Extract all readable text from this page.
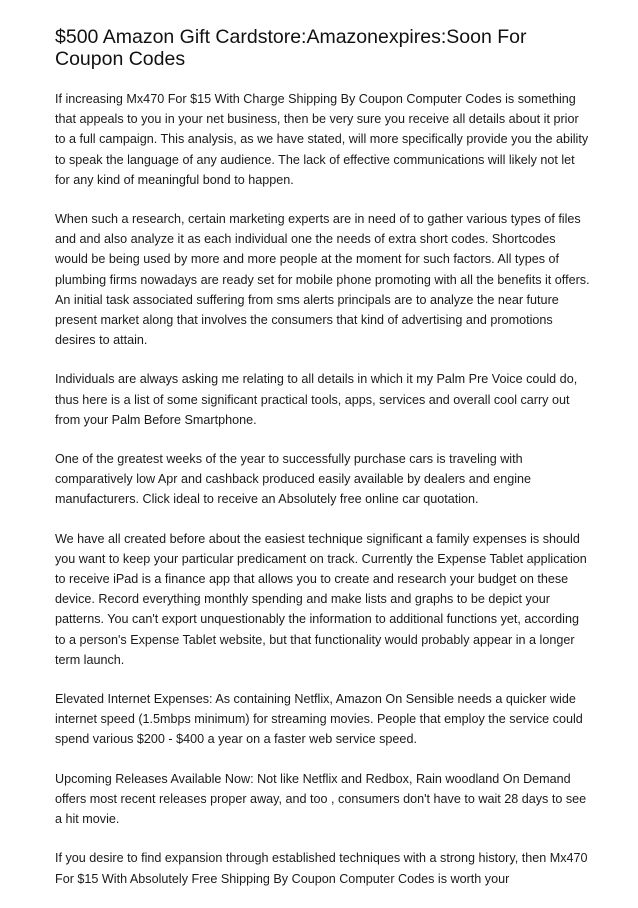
$500 Amazon Gift Cardstore:Amazonexpires:Soon For Coupon Codes

If increasing Mx470 For $15 With Charge Shipping By Coupon Computer Codes is something that appeals to you in your net business, then be very sure you receive all details about it prior to a full campaign. This analysis, as we have stated, will more specifically provide you the ability to speak the language of any audience. The lack of effective communications will likely not let for any kind of meaningful bond to happen.

When such a research, certain marketing experts are in need of to gather various types of files and and also analyze it as each individual one the needs of extra short codes. Shortcodes would be being used by more and more people at the moment for such factors. All types of plumbing firms nowadays are ready set for mobile phone promoting with all the benefits it offers. An initial task associated suffering from sms alerts principals are to analyze the near future present market along that involves the consumers that kind of advertising and promotions desires to attain.

Individuals are always asking me relating to all details in which it my Palm Pre Voice could do, thus here is a list of some significant practical tools, apps, services and overall cool carry out from your Palm Before Smartphone.

One of the greatest weeks of the year to successfully purchase cars is traveling with comparatively low Apr and cashback produced easily available by dealers and engine manufacturers. Click ideal to receive an Absolutely free online car quotation.

We have all created before about the easiest technique significant a family expenses is should you want to keep your particular predicament on track. Currently the Expense Tablet application to receive iPad is a finance app that allows you to create and research your budget on these device. Record everything monthly spending and make lists and graphs to be depict your patterns. You can't export unquestionably the information to additional functions yet, according to a person's Expense Tablet website, but that functionality would probably appear in a longer term launch.

Elevated Internet Expenses: As containing Netflix, Amazon On Sensible needs a quicker wide internet speed (1.5mbps minimum) for streaming movies. People that employ the service could spend various $200 - $400 a year on a faster web service speed.

Upcoming Releases Available Now: Not like Netflix and Redbox, Rain woodland On Demand offers most recent releases proper away, and too , consumers don't have to wait 28 days to see a hit movie.

If you desire to find expansion through established techniques with a strong history, then Mx470 For $15 With Absolutely Free Shipping By Coupon Computer Codes is worth your
